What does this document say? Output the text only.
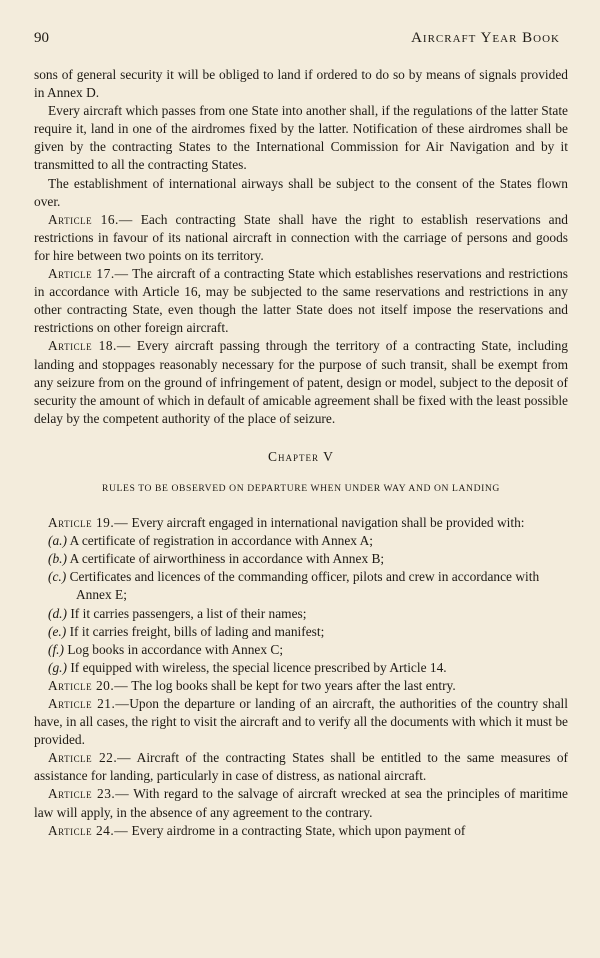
90	Aircraft Year Book

sons of general security it will be obliged to land if ordered to do so by means of signals provided in Annex D.

Every aircraft which passes from one State into another shall, if the regulations of the latter State require it, land in one of the airdromes fixed by the latter. Notification of these airdromes shall be given by the contracting States to the International Commission for Air Navigation and by it transmitted to all the contracting States.

The establishment of international airways shall be subject to the consent of the States flown over.

Article 16.— Each contracting State shall have the right to establish reservations and restrictions in favour of its national aircraft in connection with the carriage of persons and goods for hire between two points on its territory.

Article 17.— The aircraft of a contracting State which establishes reservations and restrictions in accordance with Article 16, may be subjected to the same reservations and restrictions in any other contracting State, even though the latter State does not itself impose the reservations and restrictions on other foreign aircraft.

Article 18.— Every aircraft passing through the territory of a contracting State, including landing and stoppages reasonably necessary for the purpose of such transit, shall be exempt from any seizure from on the ground of infringement of patent, design or model, subject to the deposit of security the amount of which in default of amicable agreement shall be fixed with the least possible delay by the competent authority of the place of seizure.

Chapter V
RULES TO BE OBSERVED ON DEPARTURE WHEN UNDER WAY AND ON LANDING

Article 19.— Every aircraft engaged in international navigation shall be provided with:

(a.) A certificate of registration in accordance with Annex A;

(b.) A certificate of airworthiness in accordance with Annex B;

(c.) Certificates and licences of the commanding officer, pilots and crew in accordance with Annex E;

(d.) If it carries passengers, a list of their names;

(e.) If it carries freight, bills of lading and manifest;

(f.) Log books in accordance with Annex C;

(g.) If equipped with wireless, the special licence prescribed by Article 14.

Article 20.— The log books shall be kept for two years after the last entry.

Article 21.—Upon the departure or landing of an aircraft, the authorities of the country shall have, in all cases, the right to visit the aircraft and to verify all the documents with which it must be provided.

Article 22.— Aircraft of the contracting States shall be entitled to the same measures of assistance for landing, particularly in case of distress, as national aircraft.

Article 23.— With regard to the salvage of aircraft wrecked at sea the principles of maritime law will apply, in the absence of any agreement to the contrary.

Article 24.— Every airdrome in a contracting State, which upon payment of
